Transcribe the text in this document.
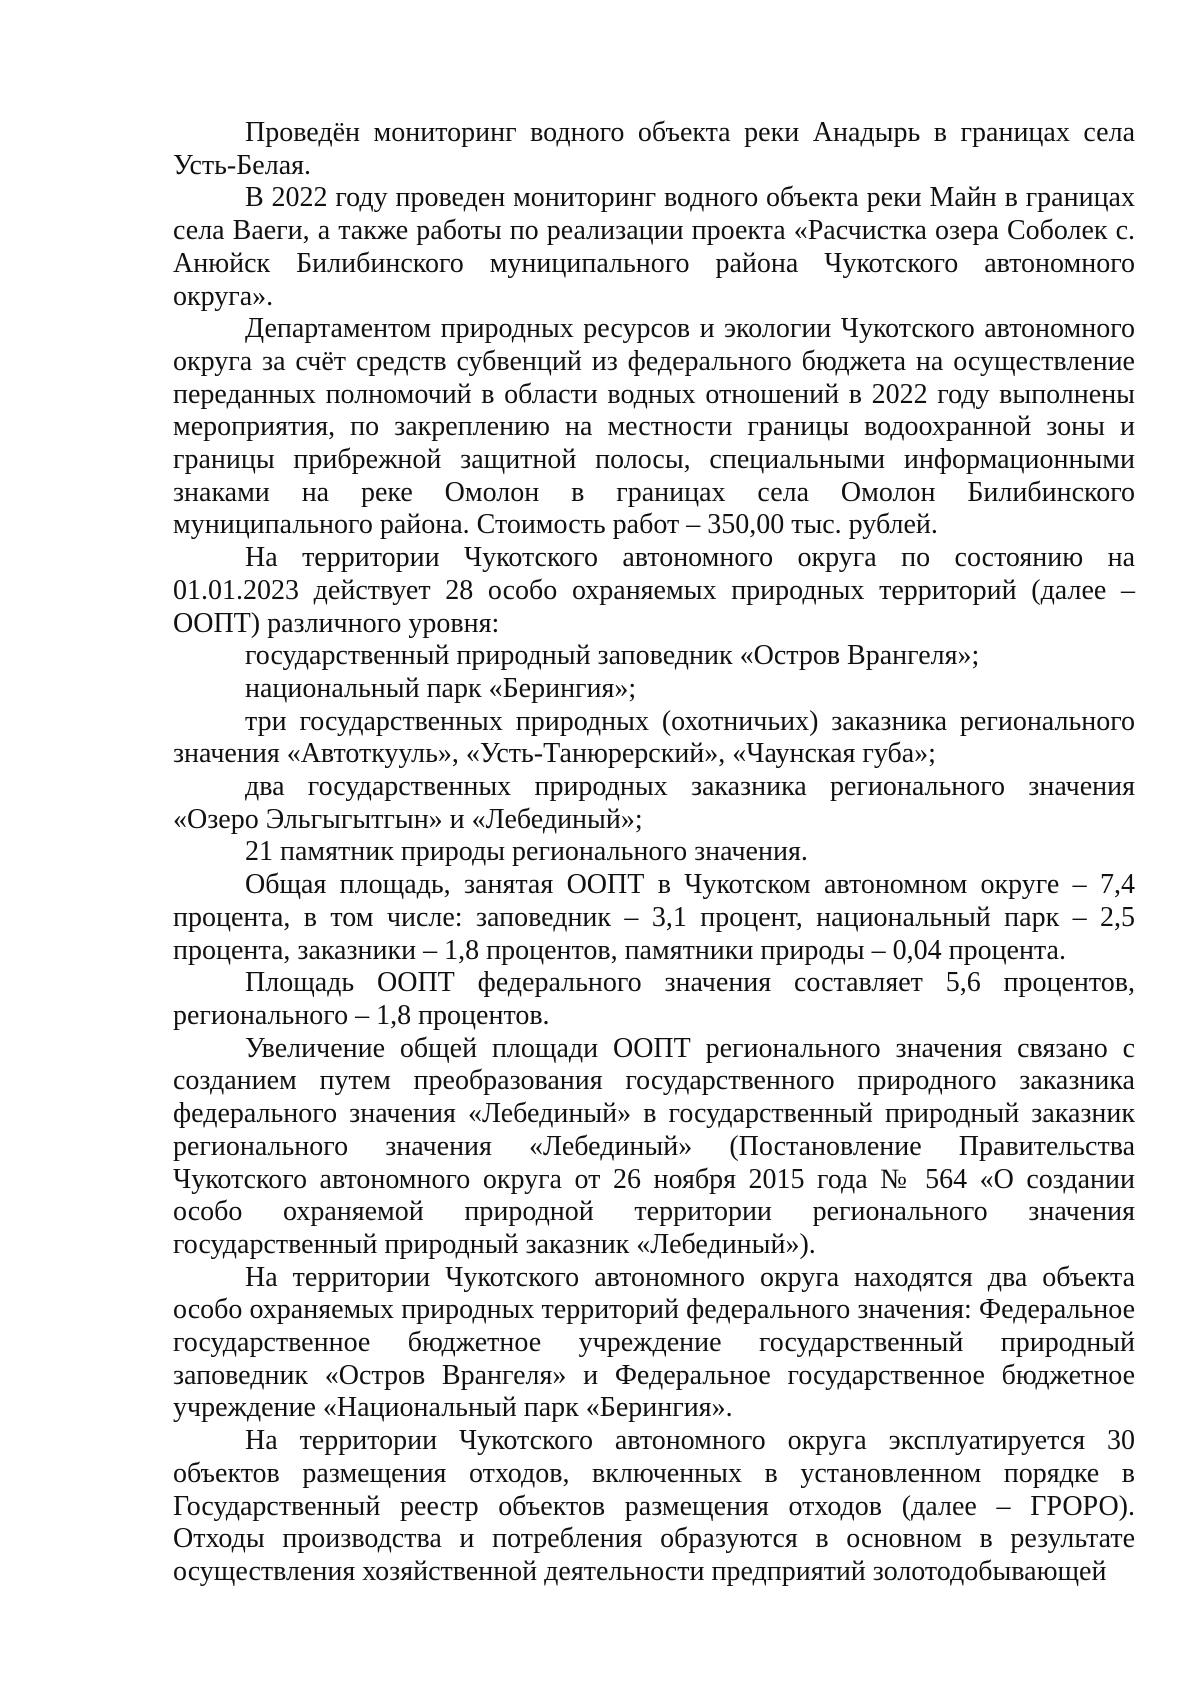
Проведён мониторинг водного объекта реки Анадырь в границах села Усть-Белая.

В 2022 году проведен мониторинг водного объекта реки Майн в границах села Ваеги, а также работы по реализации проекта «Расчистка озера Соболек с. Анюйск Билибинского муниципального района Чукотского автономного округа».

Департаментом природных ресурсов и экологии Чукотского автономного округа за счёт средств субвенций из федерального бюджета на осуществление переданных полномочий в области водных отношений в 2022 году выполнены мероприятия, по закреплению на местности границы водоохранной зоны и границы прибрежной защитной полосы, специальными информационными знаками на реке Омолон в границах села Омолон Билибинского муниципального района. Стоимость работ – 350,00 тыс. рублей.

На территории Чукотского автономного округа по состоянию на 01.01.2023 действует 28 особо охраняемых природных территорий (далее – ООПТ) различного уровня:

государственный природный заповедник «Остров Врангеля»;

национальный парк «Берингия»;

три государственных природных (охотничьих) заказника регионального значения «Автоткууль», «Усть-Танюрерский», «Чаунская губа»;

два государственных природных заказника регионального значения «Озеро Эльгыгытгын» и «Лебединый»;

21 памятник природы регионального значения.

Общая площадь, занятая ООПТ в Чукотском автономном округе – 7,4 процента, в том числе: заповедник – 3,1 процент, национальный парк – 2,5 процента, заказники – 1,8 процентов, памятники природы – 0,04 процента.

Площадь ООПТ федерального значения составляет 5,6 процентов, регионального – 1,8 процентов.

Увеличение общей площади ООПТ регионального значения связано с созданием путем преобразования государственного природного заказника федерального значения «Лебединый» в государственный природный заказник регионального значения «Лебединый» (Постановление Правительства Чукотского автономного округа от 26 ноября 2015 года № 564 «О создании особо охраняемой природной территории регионального значения государственный природный заказник «Лебединый»).

На территории Чукотского автономного округа находятся два объекта особо охраняемых природных территорий федерального значения: Федеральное государственное бюджетное учреждение государственный природный заповедник «Остров Врангеля» и Федеральное государственное бюджетное учреждение «Национальный парк «Берингия».

На территории Чукотского автономного округа эксплуатируется 30 объектов размещения отходов, включенных в установленном порядке в Государственный реестр объектов размещения отходов (далее – ГРОРО). Отходы производства и потребления образуются в основном в результате осуществления хозяйственной деятельности предприятий золотодобывающей
